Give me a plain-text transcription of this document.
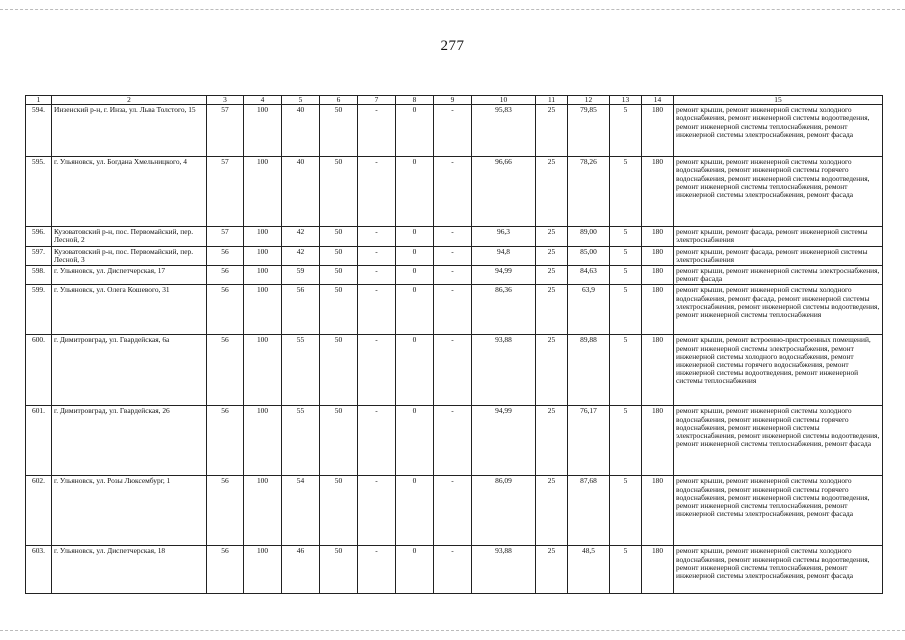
277
1	2	3	4	5	6	7	8	9	10	11	12	13	14	15
594.	Инзенский р-н, г. Инза, ул. Льва Толстого, 15	57	100	40	50	-	0	-	95,83	25	79,85	5	180	ремонт крыши, ремонт инженерной системы холодного водоснабжения, ремонт инженерной системы водоотведения, ремонт инженерной системы теплоснабжения, ремонт инженерной системы электроснабжения, ремонт фасада
595.	г. Ульяновск, ул. Богдана Хмельницкого, 4	57	100	40	50	-	0	-	96,66	25	78,26	5	180	ремонт крыши, ремонт инженерной системы холодного водоснабжения, ремонт инженерной системы горячего водоснабжения, ремонт инженерной системы водоотведения, ремонт инженерной системы теплоснабжения, ремонт инженерной системы электроснабжения, ремонт фасада
596.	Кузоватовский р-н, пос. Первомайский, пер. Лесной, 2	57	100	42	50	-	0	-	96,3	25	89,00	5	180	ремонт крыши, ремонт фасада, ремонт инженерной системы электроснабжения
597.	Кузоватовский р-н, пос. Первомайский, пер. Лесной, 3	56	100	42	50	-	0	-	94,8	25	85,00	5	180	ремонт крыши, ремонт фасада, ремонт инженерной системы электроснабжения
598.	г. Ульяновск, ул. Диспетчерская, 17	56	100	59	50	-	0	-	94,99	25	84,63	5	180	ремонт крыши, ремонт инженерной системы электроснабжения, ремонт фасада
599.	г. Ульяновск, ул. Олега Кошевого, 31	56	100	56	50	-	0	-	86,36	25	63,9	5	180	ремонт крыши, ремонт инженерной системы холодного водоснабжения, ремонт фасада, ремонт инженерной системы электроснабжения, ремонт инженерной системы водоотведения, ремонт инженерной системы теплоснабжения
600.	г. Димитровград, ул. Гвардейская, 6а	56	100	55	50	-	0	-	93,88	25	89,88	5	180	ремонт крыши, ремонт встроенно-пристроенных помещений, ремонт инженерной системы электроснабжения, ремонт инженерной системы холодного водоснабжения, ремонт инженерной системы горячего водоснабжения, ремонт инженерной системы водоотведения, ремонт инженерной системы теплоснабжения
601.	г. Димитровград, ул. Гвардейская, 26	56	100	55	50	-	0	-	94,99	25	76,17	5	180	ремонт крыши, ремонт инженерной системы холодного водоснабжения, ремонт инженерной системы горячего водоснабжения, ремонт инженерной системы электроснабжения, ремонт инженерной системы водоотведения, ремонт инженерной системы теплоснабжения, ремонт фасада
602.	г. Ульяновск, ул. Розы Люксембург, 1	56	100	54	50	-	0	-	86,09	25	87,68	5	180	ремонт крыши, ремонт инженерной системы холодного водоснабжения, ремонт инженерной системы горячего водоснабжения, ремонт инженерной системы водоотведения, ремонт инженерной системы теплоснабжения, ремонт инженерной системы электроснабжения, ремонт фасада
603.	г. Ульяновск, ул. Диспетчерская, 18	56	100	46	50	-	0	-	93,88	25	48,5	5	180	ремонт крыши, ремонт инженерной системы холодного водоснабжения, ремонт инженерной системы водоотведения, ремонт инженерной системы теплоснабжения, ремонт инженерной системы электроснабжения, ремонт фасада
